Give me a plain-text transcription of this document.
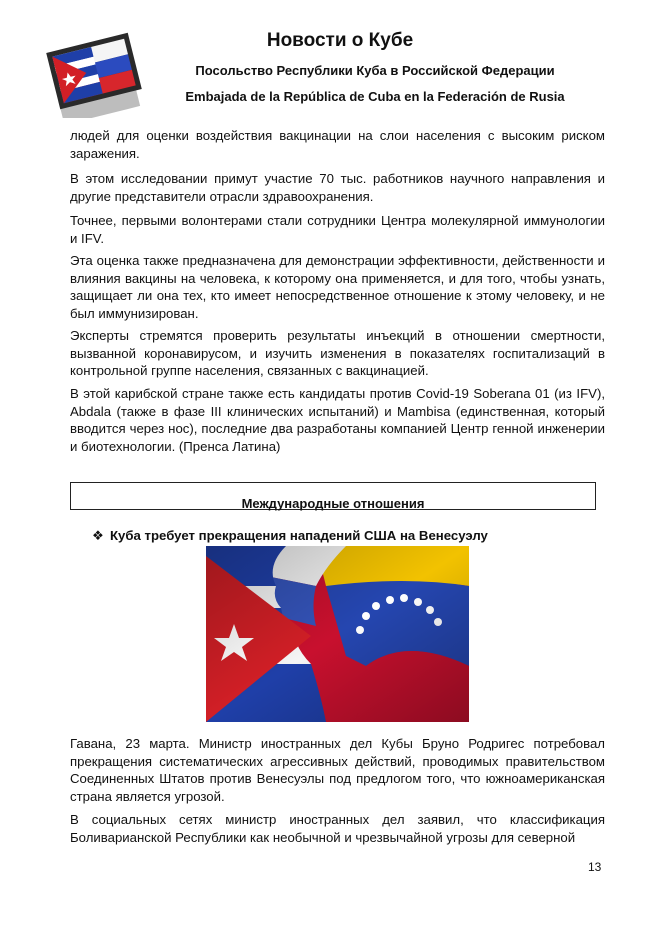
Новости о Кубе
Посольство Республики Куба в Российской Федерации
Embajada de la República de Cuba en la Federación de Rusia

людей для оценки воздействия вакцинации на слои населения с высоким риском заражения.

В этом исследовании примут участие 70 тыс. работников научного направления и другие представители отрасли здравоохранения.

Точнее, первыми волонтерами стали сотрудники Центра молекулярной иммунологии и IFV.

Эта оценка также предназначена для демонстрации эффективности, действенности и влияния вакцины на человека, к которому она применяется, и для того, чтобы узнать, защищает ли она тех, кто имеет непосредственное отношение к этому человеку, и не был иммунизирован.

Эксперты стремятся проверить результаты инъекций в отношении смертности, вызванной коронавирусом, и изучить изменения в показателях госпитализаций в контрольной группе населения, связанных с вакцинацией.

В этой карибской стране также есть кандидаты против Covid-19 Soberana 01 (из IFV), Abdala (также в фазе III клинических испытаний) и Mambisa (единственная, который вводится через нос), последние два разработаны компанией Центр генной инженерии и биотехнологии. (Пренса Латина)

Международные отношения
❖ Куба требует прекращения нападений США на Венесуэлу

Гавана, 23 марта. Министр иностранных дел Кубы Бруно Родригес потребовал прекращения систематических агрессивных действий, проводимых правительством Соединенных Штатов против Венесуэлы под предлогом того, что южноамериканская страна является угрозой.

В социальных сетях министр иностранных дел заявил, что классификация Боливарианской Республики как необычной и чрезвычайной угрозы для северной

13
